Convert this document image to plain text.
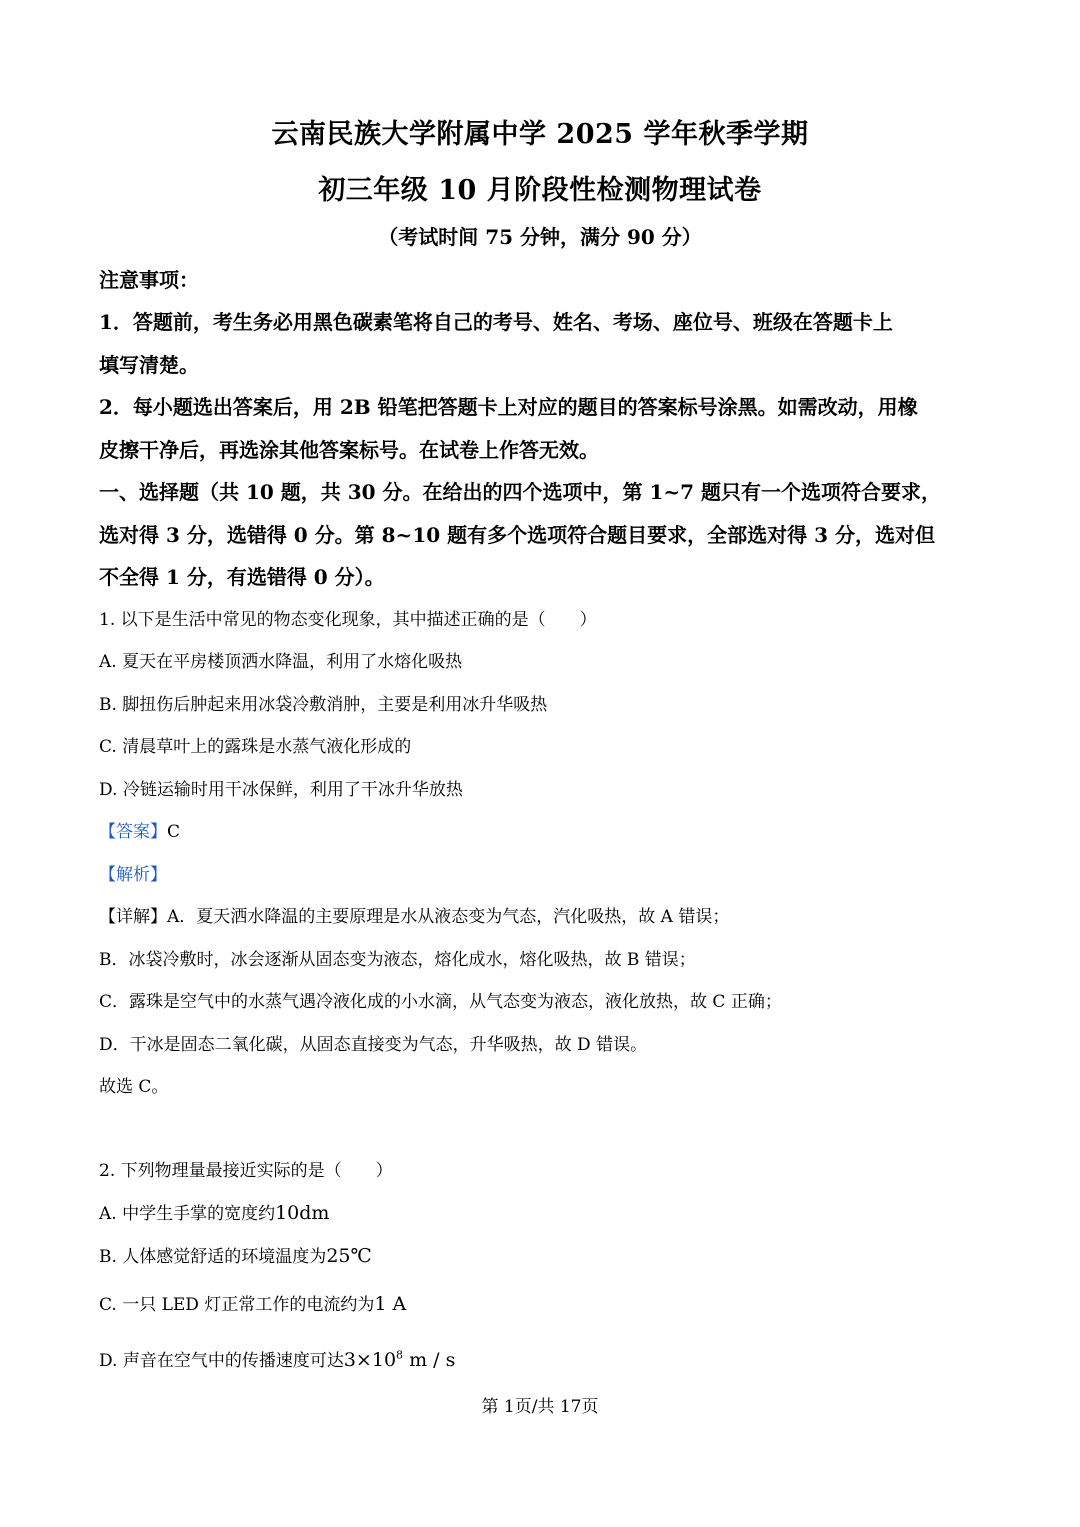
云南民族大学附属中学 2025 学年秋季学期
初三年级 10 月阶段性检测物理试卷
（考试时间 75 分钟，满分 90 分）
注意事项：
1．答题前，考生务必用黑色碳素笔将自己的考号、姓名、考场、座位号、班级在答题卡上
填写清楚。
2．每小题选出答案后，用 2B 铅笔把答题卡上对应的题目的答案标号涂黑。如需改动，用橡
皮擦干净后，再选涂其他答案标号。在试卷上作答无效。
一、选择题（共 10 题，共 30 分。在给出的四个选项中，第 1~7 题只有一个选项符合要求，
选对得 3 分，选错得 0 分。第 8~10 题有多个选项符合题目要求，全部选对得 3 分，选对但
不全得 1 分，有选错得 0 分）。
1. 以下是生活中常见的物态变化现象，其中描述正确的是（　　）
A. 夏天在平房楼顶洒水降温，利用了水熔化吸热
B. 脚扭伤后肿起来用冰袋冷敷消肿，主要是利用冰升华吸热
C. 清晨草叶上的露珠是水蒸气液化形成的
D. 冷链运输时用干冰保鲜，利用了干冰升华放热
【答案】C
【解析】
【详解】A．夏天洒水降温的主要原理是水从液态变为气态，汽化吸热，故 A 错误；
B．冰袋冷敷时，冰会逐渐从固态变为液态，熔化成水，熔化吸热，故 B 错误；
C．露珠是空气中的水蒸气遇冷液化成的小水滴，从气态变为液态，液化放热，故 C 正确；
D．干冰是固态二氧化碳，从固态直接变为气态，升华吸热，故 D 错误。
故选 C。
2. 下列物理量最接近实际的是（　　）
A. 中学生手掌的宽度约10dm
B. 人体感觉舒适的环境温度为25℃
C. 一只 LED 灯正常工作的电流约为1 A
D. 声音在空气中的传播速度可达$3\times 10^8$ m / s
第 1页/共 17页
